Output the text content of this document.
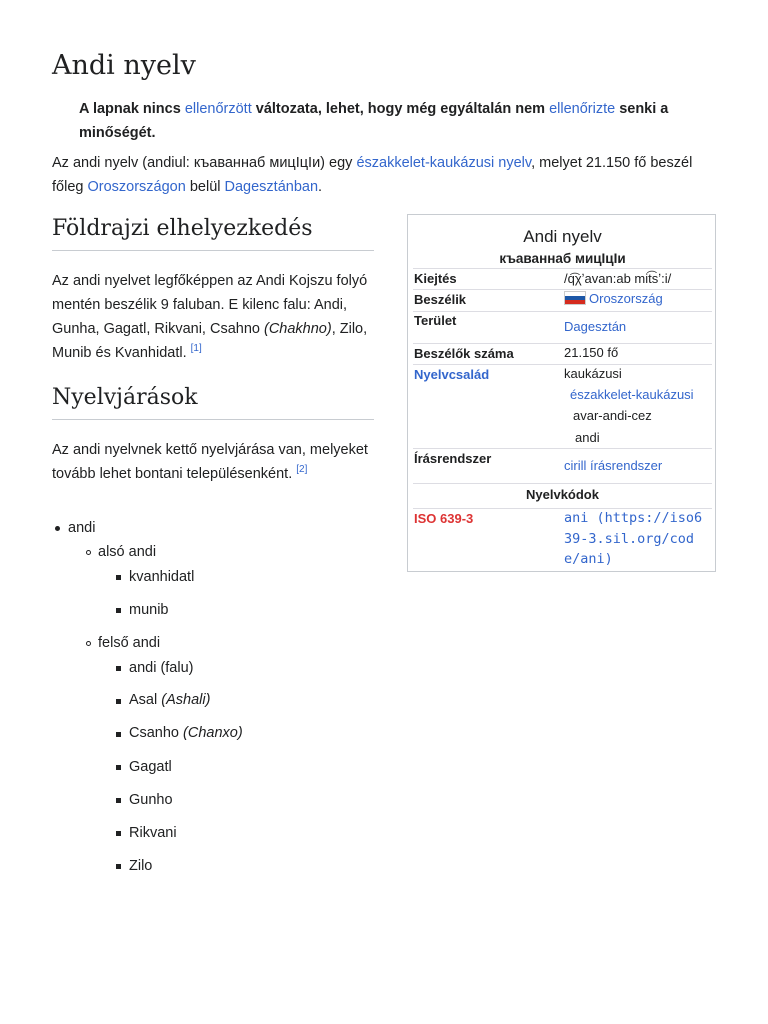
Andi nyelv
A lapnak nincs ellenőrzött változata, lehet, hogy még egyáltalán nem ellenőrizte senki a minőségét.
Az andi nyelv (andiul: къаваннаб мицIцIи) egy északkelet-kaukázusi nyelv, melyet 21.150 fő beszél főleg Oroszországon belül Dagesztánban.
Földrajzi elhelyezkedés
Az andi nyelvet legfőképpen az Andi Kojszu folyó mentén beszélik 9 faluban. E kilenc falu: Andi, Gunha, Gagatl, Rikvani, Csahno (Chakhno), Zilo, Munib és Kvanhidatl. [1]
Nyelvjárások
Az andi nyelvnek kettő nyelvjárása van, melyeket tovább lehet bontani településenként. [2]
andi
alsó andi
kvanhidatl
munib
felső andi
andi (falu)
Asal (Ashali)
Csanho (Chanxo)
Gagatl
Gunho
Rikvani
Zilo
Andi nyelv
къаваннаб мицIцIи
Kiejtés	/q͡χʼavan:ab mit͡sʼ:i/
Beszélik	Oroszország
Terület	Dagesztán
Beszélők száma	21.150 fő
Nyelvcsalád	kaukázusi
északkelet-kaukázusi
avar-andi-cez
andi
Írásrendszer	cirill írásrendszer
Nyelvkódok
ISO 639-3	ani (https://iso6
39-3.sil.org/cod
e/ani)
